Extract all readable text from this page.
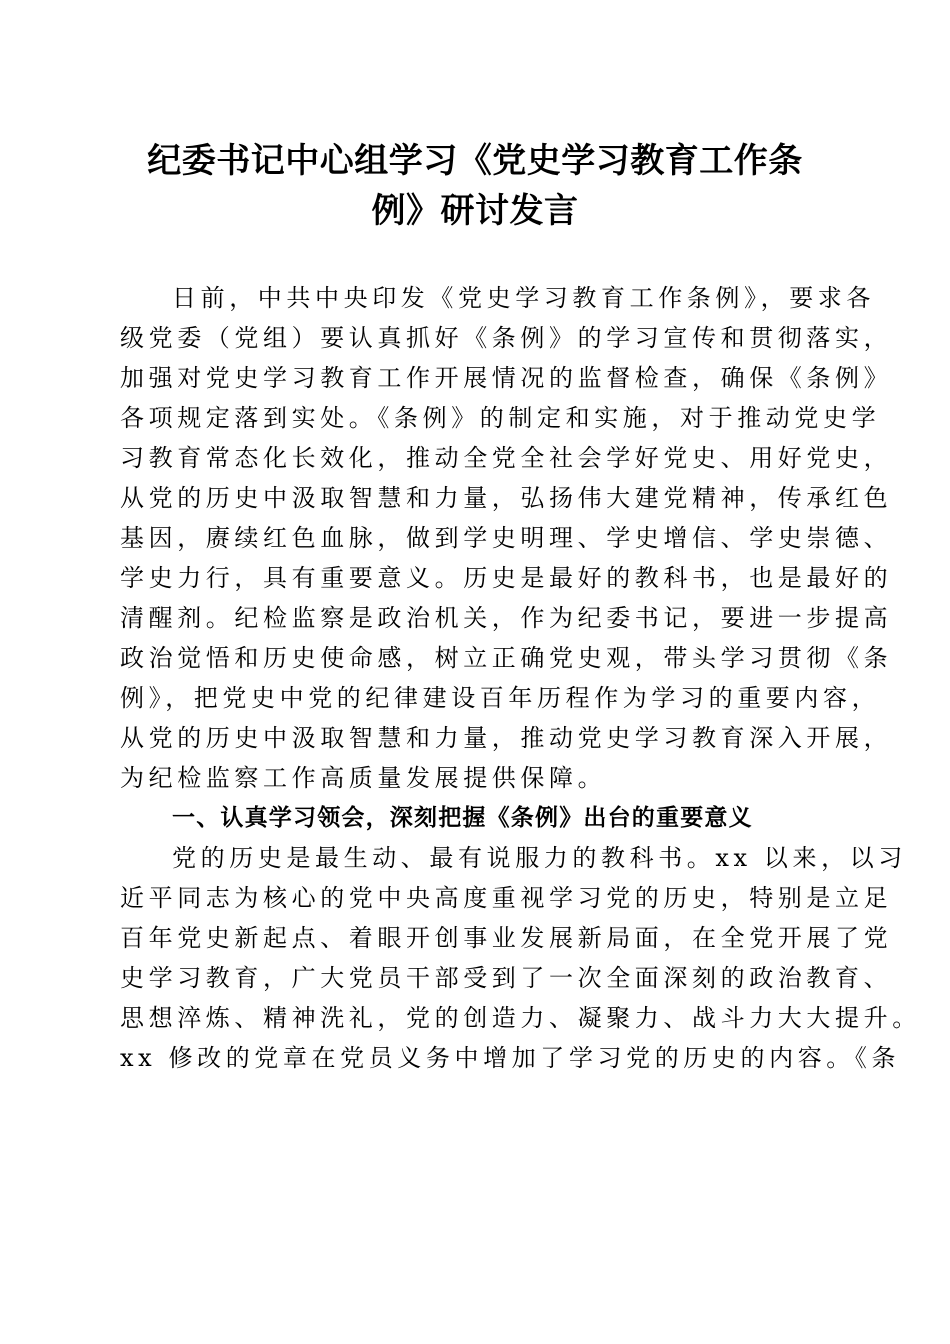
纪委书记中心组学习《党史学习教育工作条
例》研讨发言
日前，中共中央印发《党史学习教育工作条例》，要求各
级党委（党组）要认真抓好《条例》的学习宣传和贯彻落实，
加强对党史学习教育工作开展情况的监督检查，确保《条例》
各项规定落到实处。《条例》的制定和实施，对于推动党史学
习教育常态化长效化，推动全党全社会学好党史、用好党史，
从党的历史中汲取智慧和力量，弘扬伟大建党精神，传承红色
基因，赓续红色血脉，做到学史明理、学史增信、学史崇德、
学史力行，具有重要意义。历史是最好的教科书，也是最好的
清醒剂。纪检监察是政治机关，作为纪委书记，要进一步提高
政治觉悟和历史使命感，树立正确党史观，带头学习贯彻《条
例》，把党史中党的纪律建设百年历程作为学习的重要内容，
从党的历史中汲取智慧和力量，推动党史学习教育深入开展，
为纪检监察工作高质量发展提供保障。
一、认真学习领会，深刻把握《条例》出台的重要意义
党的历史是最生动、最有说服力的教科书。xx 以来，以习
近平同志为核心的党中央高度重视学习党的历史，特别是立足
百年党史新起点、着眼开创事业发展新局面，在全党开展了党
史学习教育，广大党员干部受到了一次全面深刻的政治教育、
思想淬炼、精神洗礼，党的创造力、凝聚力、战斗力大大提升。
xx 修改的党章在党员义务中增加了学习党的历史的内容。《条
